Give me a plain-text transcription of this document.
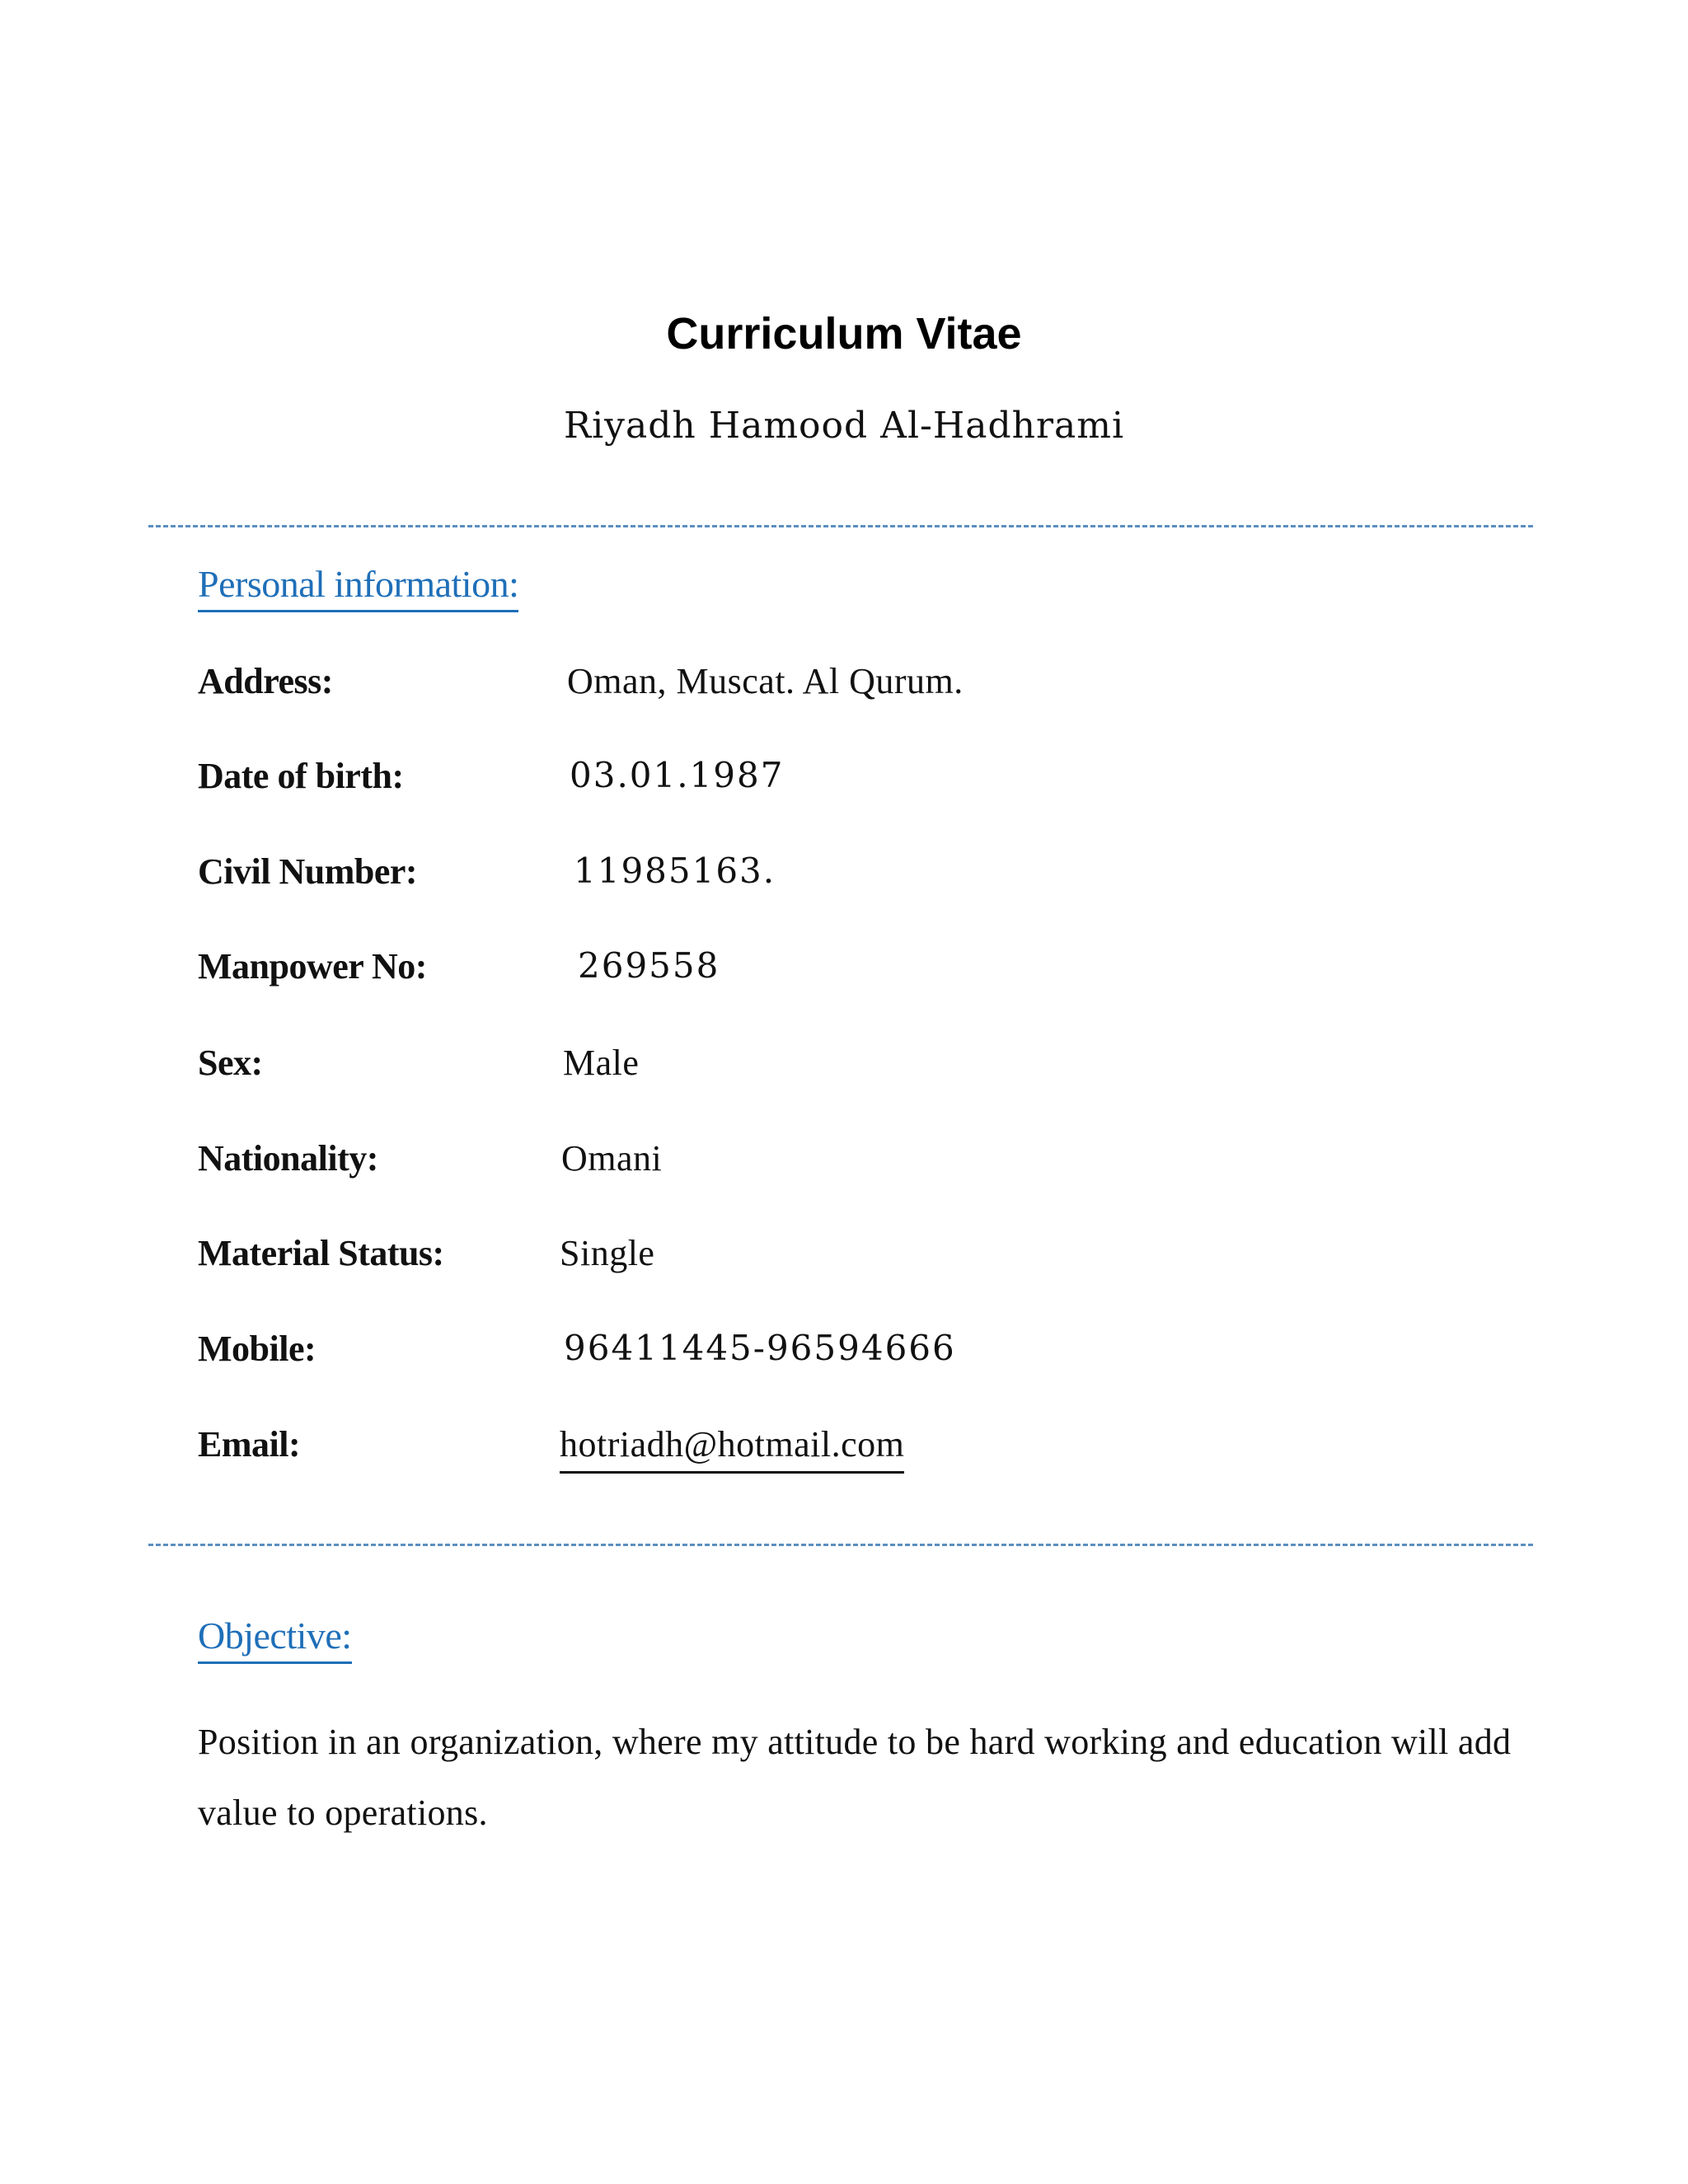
Curriculum Vitae
Riyadh Hamood Al-Hadhrami
Personal information:
Address:	Oman, Muscat. Al Qurum.
Date of birth:	03.01.1987
Civil Number:	11985163.
Manpower No:	269558
Sex:	Male
Nationality:	Omani
Material Status:	Single
Mobile:	96411445-96594666
Email:	hotriadh@hotmail.com
Objective:
Position in an organization, where my attitude to be hard working and education will add value to operations.
